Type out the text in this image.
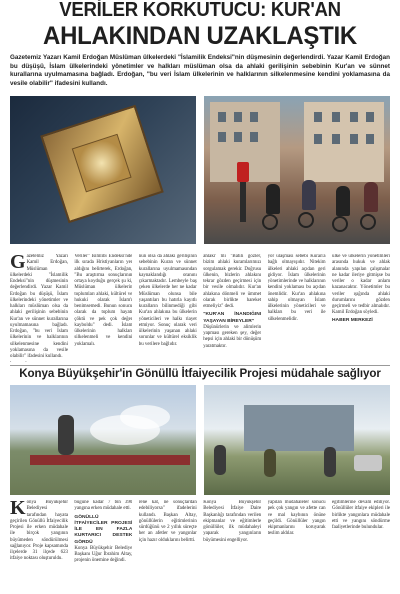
VERİLER KORKUTUCU: KUR'AN
AHLAKINDAN UZAKLAŞTIK

Gazetemiz Yazarı Kamil Erdoğan Müslüman ülkelerdeki "İslamilik Endeksi"nin düşmesinin değerlendirdi. Yazar Kamil Erdoğan bu düşüşü, İslam ülkelerindeki yönetimler ve halkları müslüman olsa da ahlaki gerilişinin sebebinin Kur'an ve sünnet kurallarına uyulmamasına bağladı. Erdoğan, "bu veri İslam ülkelerinin ve halklarının silkelenmesine kendini yoklamasına da vesile olabilir" ifadesini kullandı.

G azetemiz Yazarı Kamil Erdoğan, Müslüman ülkelerdeki "İslamilik Endeksi"nin düşmesinin değerlendirdi. Yazar Kamil Erdoğan bu düşüşü, İslam ülkelerindeki yönetimler ve halkları müslüman olsa da ahlaki gerilişinin sebebinin Kur'an ve sünnet kurallarına uyulmamasına bağladı. Erdoğan, "bu veri İslam ülkelerinin ve halklarının silkelenmesine kendini yoklamasına da vesile olabilir" ifadesini kullandı.
Veriler" Isimlibi Endeksi'nde ilk sırada Hristiyanların yer aldığını belirterek, Erdoğan, "Bu araştırma sonuçlarının ortaya koyduğu gerçek şu ki, Müslüman ülkelerin toplumları ahlaki, kültürel ve hukuki olarak İslam'ı benimsemedi. Bunun sonucu olarak da toplum hayatı çöktü ve pek çok değer kayboldu" dedi. İslam ülkelerinin halkları silkelenmeli ve kendini yoklamalı.
nun olsa da ahlaki gerilişinin sebebinin Kuran ve sünnet kurallarına uyulmamasından kaynaklandığı oranını çıkarmaktadır. Lembeyle baş çeken ülkelerde her ne kadar Müslüman olunsa bile yaşantıları bu hatırla kayıtlı kuralların bilinmediği gibi Kur'an ahlakına bu ülkelerin yöneticileri ve halkı riayet etmiyor. Sonuç olarak veri ülkelerinin yaşanan ahlaki sorunlar ve kültürel eksiklik bu verilere bağlıdır.
ahlaki' mi "Batılı gözler, bizim ahlaki kuramlarımızı sorgulamak gerekir. Doğrusu ülkenin, bizlerin ahlakını tekrar gözden geçirmesi için bir vesile olmalıdır. Kur'an ahlakına dönmeli ve ümmet olarak birlikte hareket etmeliyiz" dedi.
"KUR'AN İNANDIĞINI YAŞAYAN BİREYLER"
Düşünürlerin ve alimlerin yapması gereken şey, değer hepsi için ahlaki bir dönüşüm yaratmaktır.
yor ulaşması sebebi Kuran'a bağlı olmayışıdır. Nitekim ülkeleri ahlaki açıdan geri gidiyor. İslam ülkelerinin yönetimlerinde ve halklarının kendini yoklaması bu açıdan önemlidir. Kur'an ahlakına sahip olmayan İslam ülkelerinin yöneticileri ve halkları bu veri ile silkelenmelidir.
ülke ve ülkelerin yönetimleri arasında hukuk ve ahlak alanında yapılan çalışmalar ne kadar ileriye gitmişse bu veriler o kadar anlam kazanacaktır. Yönetimler bu veriler ışığında ahlaki durumlarını gözden geçirmeli ve tedbir almalıdır. Kamil Erdoğan söyledi.
HABER MERKEZİ
Konya Büyükşehir'in Gönüllü İtfaiyecilik Projesi müdahale sağlıyor
K onya Büyükşehir Belediyesi tarafından hayata geçirilen Gönüllü İtfaiyecilik Projesi ile erken müdahale ile birçok yangının büyümeden söndürülmesi sağlanıyor. Proje kapsamında ilçelerde 31 ilçede 623 itfaiye noktası oluşturuldu.
bugüne kadar 7 bin 390 yangına erken müdahale etti.
GÖNÜLLÜ İTFAİYECİLER PROJESİ İLE EN FAZLA KURTARICI DESTEK GÖRDÜ
Konya Büyükşehir Belediye Başkanı Uğur İbrahim Altay, projenin önemine değindi.
rene kat, ne sonuçlardan edebiliyorsa" ifadelerini kullandı. Başkan Altay, gönüllülerin eğitimlerinin sürdüğünü ve 2 yıllık süreçte her an afetler ve yangınlar için hazır olduklarını belirtti.
Konya Büyükşehir Belediyesi İtfaiye Daire Başkanlığı tarafından verilen ekipmanlar ve eğitimlerle gönüllüler, ilk müdahaleyi yaparak yangınların büyümesini engelliyor.
yapılan müdahaleler sonucu pek çok yangın ve afette can ve mal kaybının önüne geçildi. Gönüllüler yangın ekipmanlarını koruyarak teslim aldılar.
eğitimlerine devam ediliyor. Gönüllüler itfaiye ekipleri ile birlikte yangınlara müdahale etti ve yangını söndürme faaliyetlerinde bulundular.
